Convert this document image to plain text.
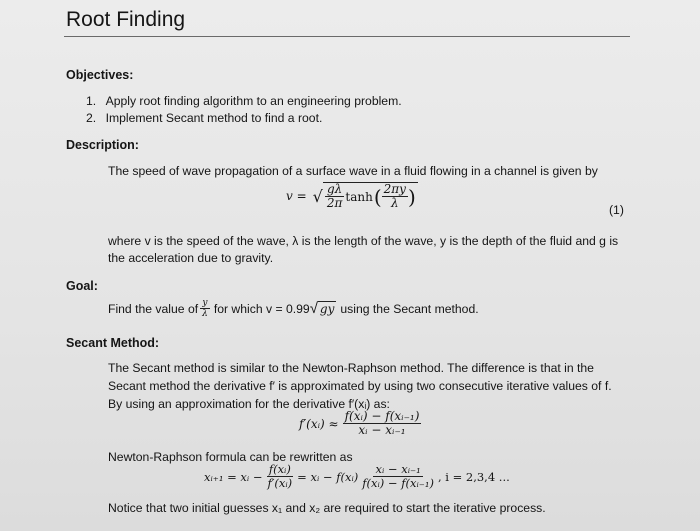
Root Finding
Objectives:
1. Apply root finding algorithm to an engineering problem.
2. Implement Secant method to find a root.
Description:
The speed of wave propagation of a surface wave in a fluid flowing in a channel is given by
v = √ $\frac{g\lambda}{2\pi}$ tanh ( $\frac{2\pi y}{\lambda}$ )
(1)
where v is the speed of the wave, λ is the length of the wave, y is the depth of the fluid and g is
the acceleration due to gravity.
Goal:
Find the value of $\frac{y}{\lambda}$ for which v = 0.99 √ gy using the Secant method.
Secant Method:
The Secant method is similar to the Newton-Raphson method. The difference is that in the
Secant method the derivative f′ is approximated by using two consecutive iterative values of f.
By using an approximation for the derivative f′(xᵢ) as:
f′(xᵢ) ≈ $\frac{\text{f(xᵢ) − f(xᵢ₋₁)}}{\text{xᵢ − xᵢ₋₁}}$
Newton-Raphson formula can be rewritten as
xᵢ₊₁ = xᵢ − $\frac{\text{f(xᵢ)}}{\text{f′(xᵢ)}}$ = xᵢ − f(xᵢ) $\frac{\text{xᵢ − xᵢ₋₁}}{\text{f(xᵢ) − f(xᵢ₋₁)}}$ , i = 2,3,4 ...
Notice that two initial guesses x₁ and x₂ are required to start the iterative process.
